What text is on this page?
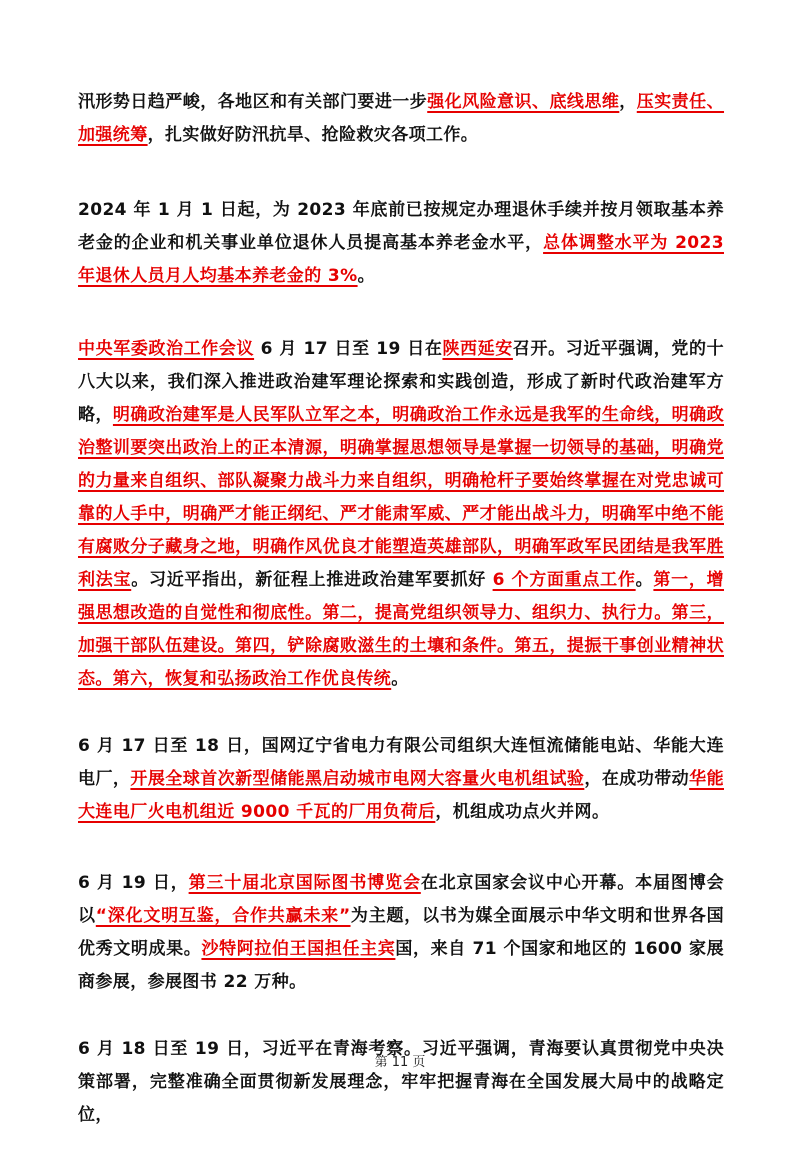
汛形势日趋严峻，各地区和有关部门要进一步强化风险意识、底线思维，压实责任、加强统筹，扎实做好防汛抗旱、抢险救灾各项工作。

2024 年 1 月 1 日起，为 2023 年底前已按规定办理退休手续并按月领取基本养老金的企业和机关事业单位退休人员提高基本养老金水平，总体调整水平为 2023 年退休人员月人均基本养老金的 3%。

中央军委政治工作会议 6 月 17 日至 19 日在陕西延安召开。习近平强调，党的十八大以来，我们深入推进政治建军理论探索和实践创造，形成了新时代政治建军方略，明确政治建军是人民军队立军之本，明确政治工作永远是我军的生命线，明确政治整训要突出政治上的正本清源，明确掌握思想领导是掌握一切领导的基础，明确党的力量来自组织、部队凝聚力战斗力来自组织，明确枪杆子要始终掌握在对党忠诚可靠的人手中，明确严才能正纲纪、严才能肃军威、严才能出战斗力，明确军中绝不能有腐败分子藏身之地，明确作风优良才能塑造英雄部队，明确军政军民团结是我军胜利法宝。习近平指出，新征程上推进政治建军要抓好 6 个方面重点工作。第一，增强思想改造的自觉性和彻底性。第二，提高党组织领导力、组织力、执行力。第三，加强干部队伍建设。第四，铲除腐败滋生的土壤和条件。第五，提振干事创业精神状态。第六，恢复和弘扬政治工作优良传统。

6 月 17 日至 18 日，国网辽宁省电力有限公司组织大连恒流储能电站、华能大连电厂，开展全球首次新型储能黑启动城市电网大容量火电机组试验，在成功带动华能大连电厂火电机组近 9000 千瓦的厂用负荷后，机组成功点火并网。

6 月 19 日，第三十届北京国际图书博览会在北京国家会议中心开幕。本届图博会以“深化文明互鉴，合作共赢未来”为主题，以书为媒全面展示中华文明和世界各国优秀文明成果。沙特阿拉伯王国担任主宾国，来自 71 个国家和地区的 1600 家展商参展，参展图书 22 万种。

6 月 18 日至 19 日，习近平在青海考察。习近平强调，青海要认真贯彻党中央决策部署，完整准确全面贯彻新发展理念，牢牢把握青海在全国发展大局中的战略定位，

第 11 页
